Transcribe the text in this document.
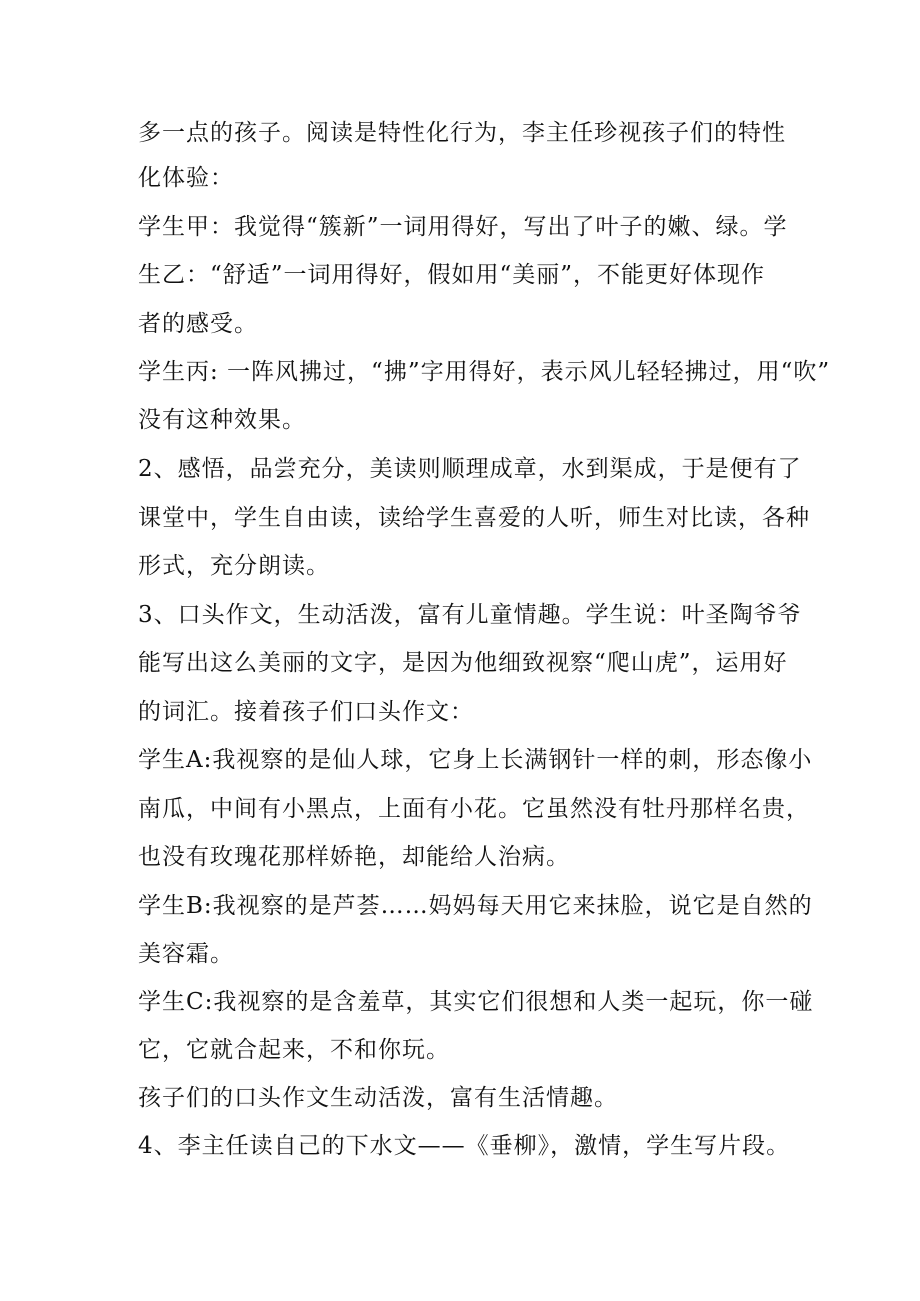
多一点的孩子。阅读是特性化行为，李主任珍视孩子们的特性
化体验：
学生甲：我觉得“簇新”一词用得好，写出了叶子的嫩、绿。学
生乙：“舒适”一词用得好，假如用“美丽”，不能更好体现作
者的感受。
学生丙: 一阵风拂过，“拂”字用得好，表示风儿轻轻拂过，用“吹”
没有这种效果。
2、感悟，品尝充分，美读则顺理成章，水到渠成，于是便有了
课堂中，学生自由读，读给学生喜爱的人听，师生对比读，各种
形式，充分朗读。
3、口头作文，生动活泼，富有儿童情趣。学生说：叶圣陶爷爷
能写出这么美丽的文字，是因为他细致视察“爬山虎”，运用好
的词汇。接着孩子们口头作文：
学生A:我视察的是仙人球，它身上长满钢针一样的刺，形态像小
南瓜，中间有小黑点，上面有小花。它虽然没有牡丹那样名贵，
也没有玫瑰花那样娇艳，却能给人治病。
学生B:我视察的是芦荟……妈妈每天用它来抹脸，说它是自然的
美容霜。
学生C:我视察的是含羞草，其实它们很想和人类一起玩，你一碰
它，它就合起来，不和你玩。
孩子们的口头作文生动活泼，富有生活情趣。
4、李主任读自己的下水文——《垂柳》，激情，学生写片段。
